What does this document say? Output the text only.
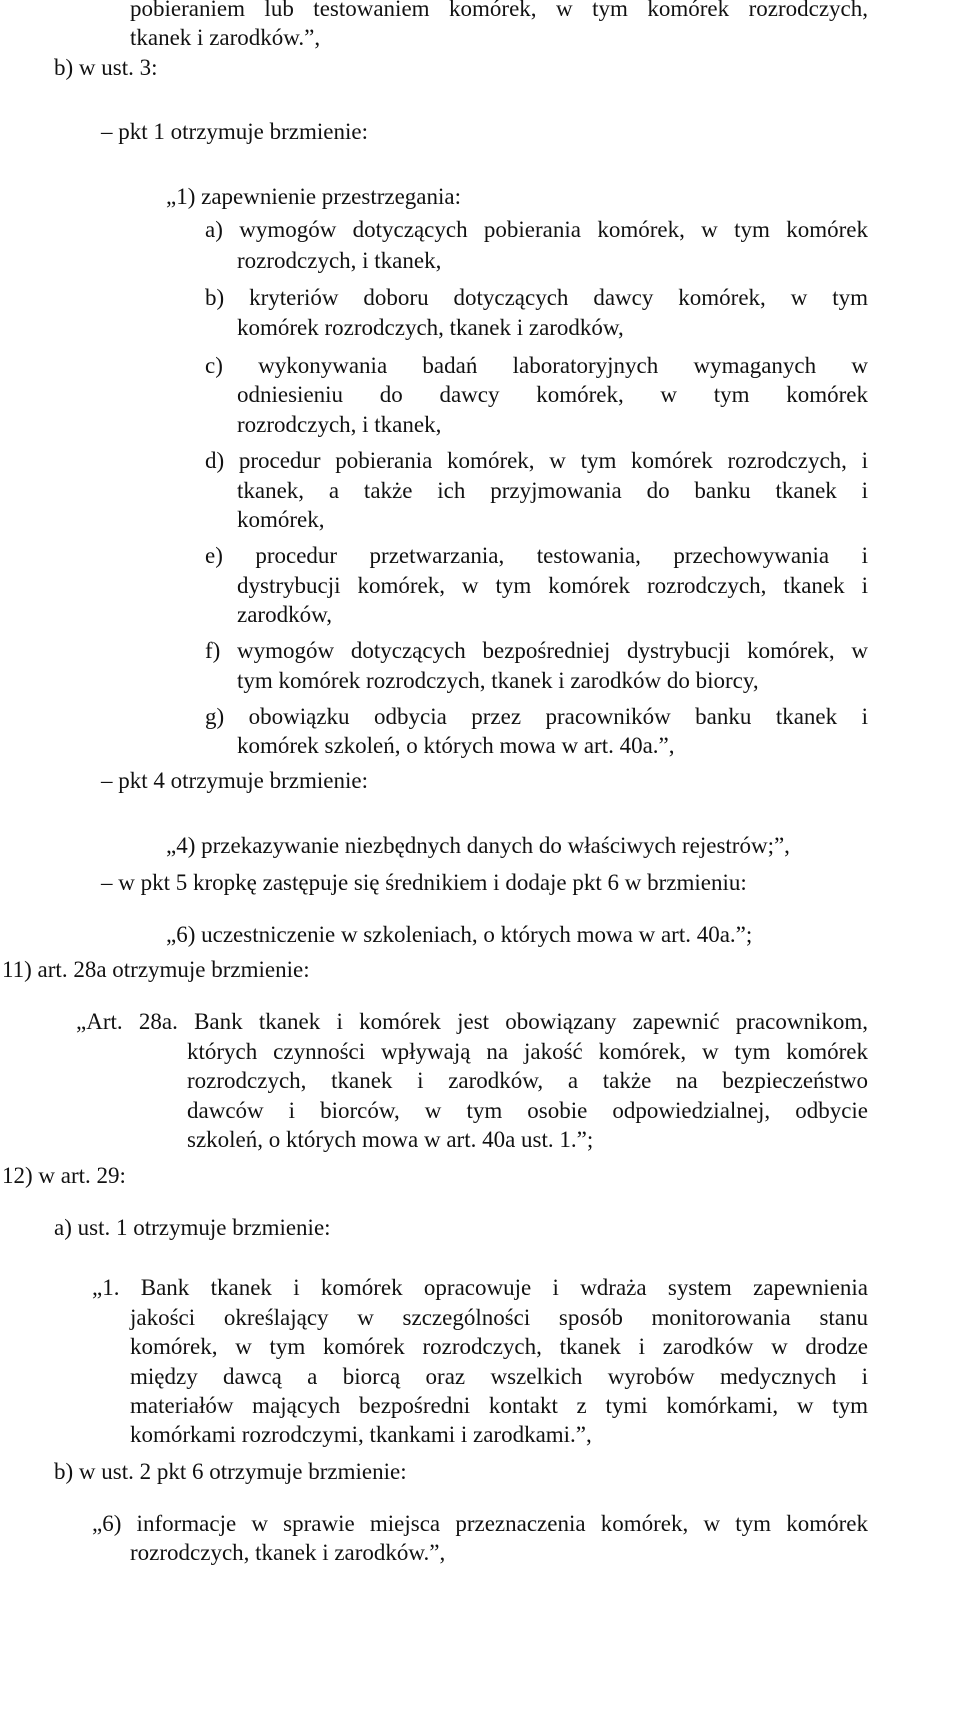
pobieraniem lub testowaniem komórek, w tym komórek rozrodczych,
tkanek i zarodków.”,
b) w ust. 3:
– pkt 1 otrzymuje brzmienie:
„1) zapewnienie przestrzegania:
a) wymogów dotyczących pobierania komórek, w tym komórek
rozrodczych, i tkanek,
b) kryteriów doboru dotyczących dawcy komórek, w tym
komórek rozrodczych, tkanek i zarodków,
c) wykonywania badań laboratoryjnych wymaganych w
odniesieniu do dawcy komórek, w tym komórek
rozrodczych, i tkanek,
d) procedur pobierania komórek, w tym komórek rozrodczych, i
tkanek, a także ich przyjmowania do banku tkanek i
komórek,
e) procedur przetwarzania, testowania, przechowywania i
dystrybucji komórek, w tym komórek rozrodczych, tkanek i
zarodków,
f) wymogów dotyczących bezpośredniej dystrybucji komórek, w
tym komórek rozrodczych, tkanek i zarodków do biorcy,
g) obowiązku odbycia przez pracowników banku tkanek i
komórek szkoleń, o których mowa w art. 40a.”,
– pkt 4 otrzymuje brzmienie:
„4) przekazywanie niezbędnych danych do właściwych rejestrów;”,
– w pkt 5 kropkę zastępuje się średnikiem i dodaje pkt 6 w brzmieniu:
„6) uczestniczenie w szkoleniach, o których mowa w art. 40a.”;
11) art. 28a otrzymuje brzmienie:
„Art. 28a. Bank tkanek i komórek jest obowiązany zapewnić pracownikom,
których czynności wpływają na jakość komórek, w tym komórek
rozrodczych, tkanek i zarodków, a także na bezpieczeństwo
dawców i biorców, w tym osobie odpowiedzialnej, odbycie
szkoleń, o których mowa w art. 40a ust. 1.”;
12) w art. 29:
a) ust. 1 otrzymuje brzmienie:
„1. Bank tkanek i komórek opracowuje i wdraża system zapewnienia
jakości określający w szczególności sposób monitorowania stanu
komórek, w tym komórek rozrodczych, tkanek i zarodków w drodze
między dawcą a biorcą oraz wszelkich wyrobów medycznych i
materiałów mających bezpośredni kontakt z tymi komórkami, w tym
komórkami rozrodczymi, tkankami i zarodkami.”,
b) w ust. 2 pkt 6 otrzymuje brzmienie:
„6) informacje w sprawie miejsca przeznaczenia komórek, w tym komórek
rozrodczych, tkanek i zarodków.”,
